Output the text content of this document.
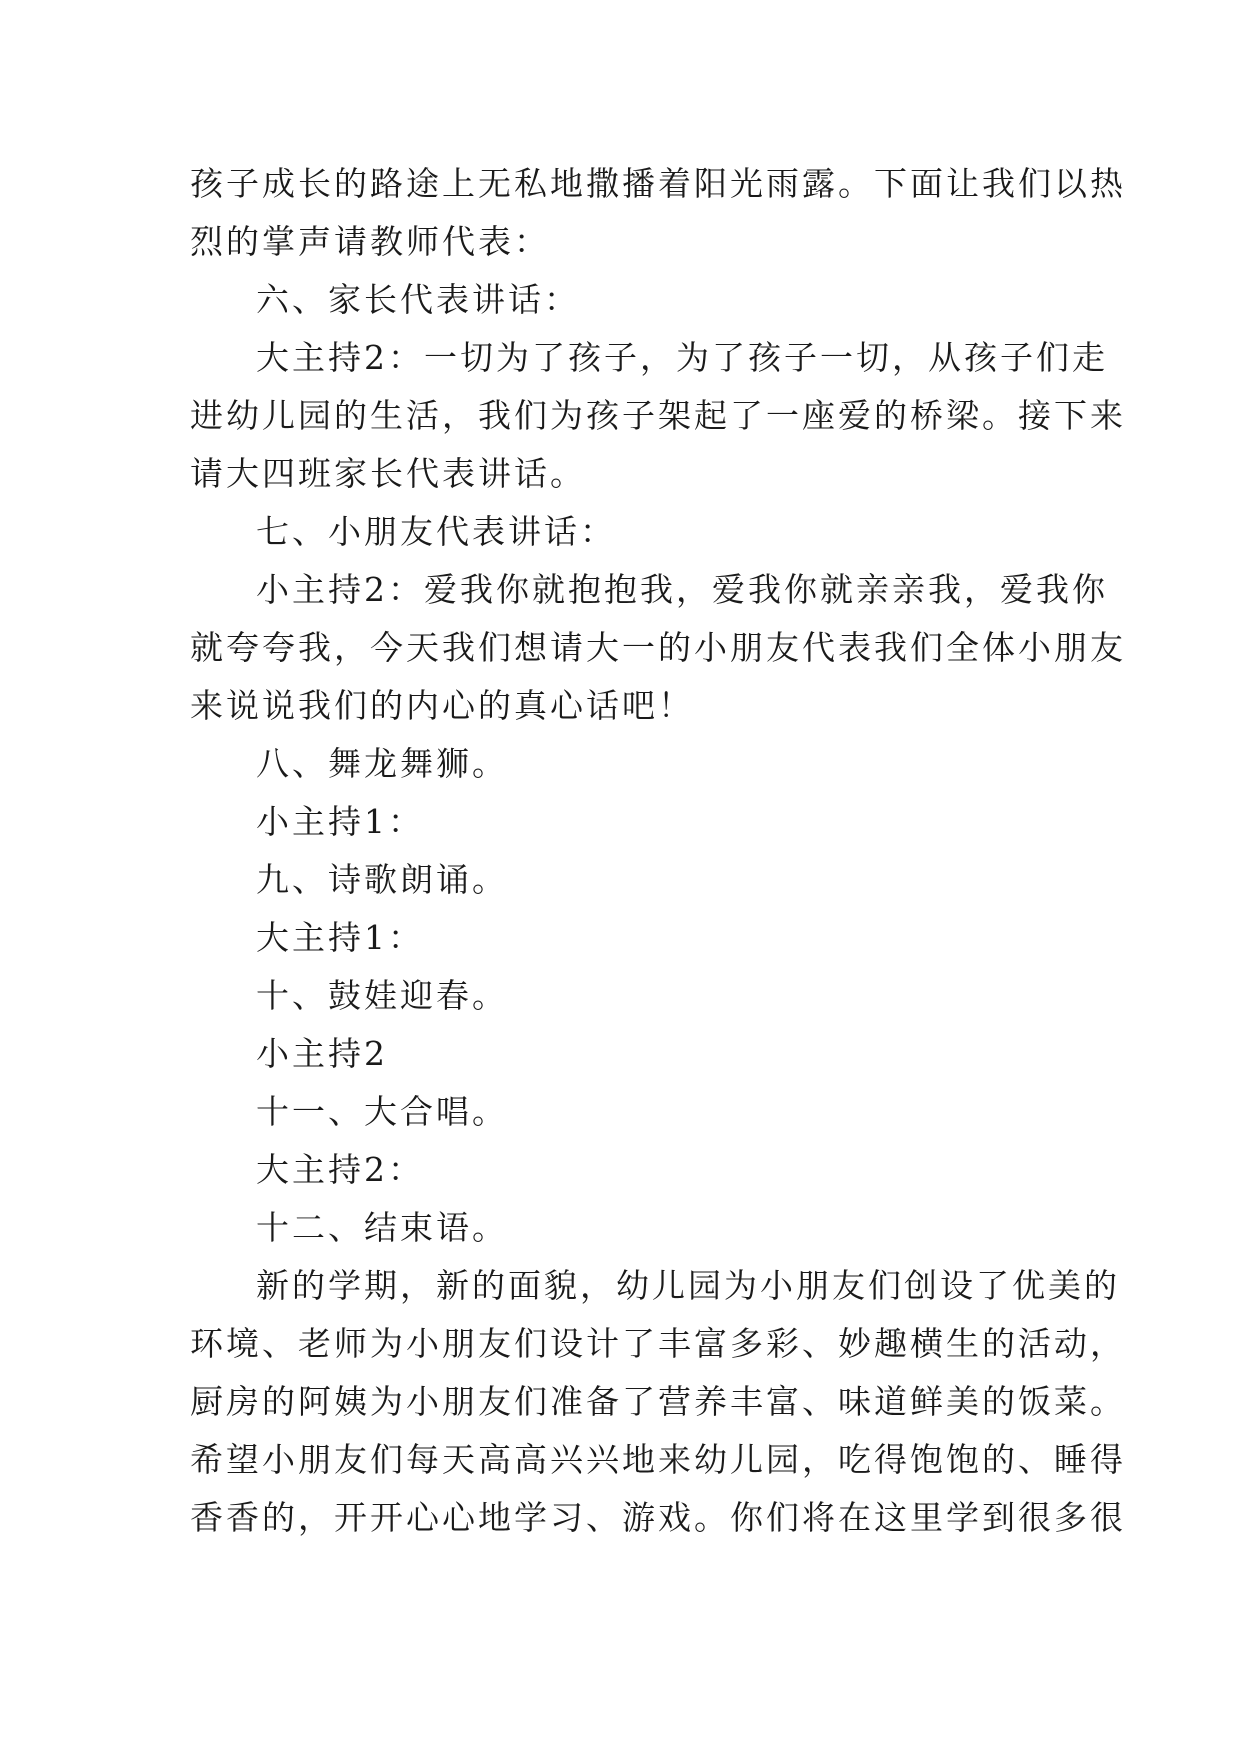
孩子成长的路途上无私地撒播着阳光雨露。下面让我们以热
烈的掌声请教师代表：
六、家长代表讲话：
大主持2：一切为了孩子，为了孩子一切，从孩子们走
进幼儿园的生活，我们为孩子架起了一座爱的桥梁。接下来
请大四班家长代表讲话。
七、小朋友代表讲话：
小主持2：爱我你就抱抱我，爱我你就亲亲我，爱我你
就夸夸我，今天我们想请大一的小朋友代表我们全体小朋友
来说说我们的内心的真心话吧！
八、舞龙舞狮。
小主持1：
九、诗歌朗诵。
大主持1：
十、鼓娃迎春。
小主持2
十一、大合唱。
大主持2：
十二、结束语。
新的学期，新的面貌，幼儿园为小朋友们创设了优美的
环境、老师为小朋友们设计了丰富多彩、妙趣横生的活动，
厨房的阿姨为小朋友们准备了营养丰富、味道鲜美的饭菜。
希望小朋友们每天高高兴兴地来幼儿园，吃得饱饱的、睡得
香香的，开开心心地学习、游戏。你们将在这里学到很多很
